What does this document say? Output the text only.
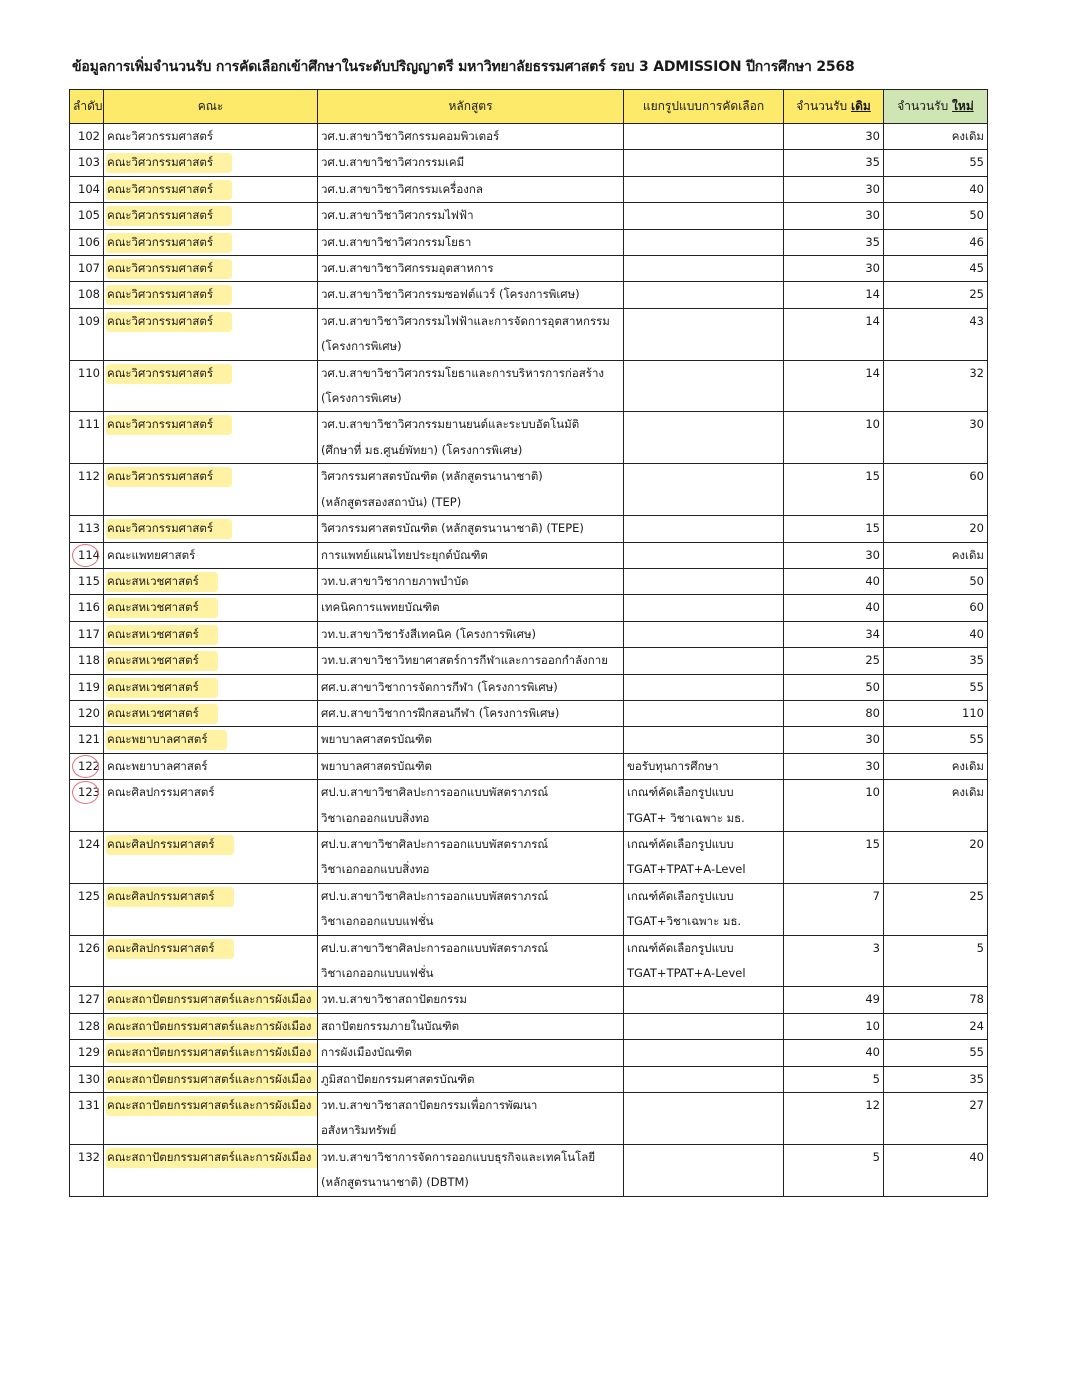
ข้อมูลการเพิ่มจำนวนรับ การคัดเลือกเข้าศึกษาในระดับปริญญาตรี มหาวิทยาลัยธรรมศาสตร์ รอบ 3 ADMISSION ปีการศึกษา 2568
ลำดับ	คณะ	หลักสูตร	แยกรูปแบบการคัดเลือก	จำนวนรับ เดิม	จำนวนรับ ใหม่
102	คณะวิศวกรรมศาสตร์	วศ.บ.สาขาวิชาวิศกรรมคอมพิวเตอร์		30	คงเดิม
103	คณะวิศวกรรมศาสตร์	วศ.บ.สาขาวิชาวิศวกรรมเคมี		35	55
104	คณะวิศวกรรมศาสตร์	วศ.บ.สาขาวิชาวิศกรรมเครื่องกล		30	40
105	คณะวิศวกรรมศาสตร์	วศ.บ.สาขาวิชาวิศวกรรมไฟฟ้า		30	50
106	คณะวิศวกรรมศาสตร์	วศ.บ.สาขาวิชาวิศวกรรมโยธา		35	46
107	คณะวิศวกรรมศาสตร์	วศ.บ.สาขาวิชาวิศกรรมอุตสาหการ		30	45
108	คณะวิศวกรรมศาสตร์	วศ.บ.สาขาวิชาวิศวกรรมซอฟต์แวร์ (โครงการพิเศษ)		14	25
109	คณะวิศวกรรมศาสตร์	วศ.บ.สาขาวิชาวิศวกรรมไฟฟ้าและการจัดการอุตสาหกรรม
(โครงการพิเศษ)		14	43
110	คณะวิศวกรรมศาสตร์	วศ.บ.สาขาวิชาวิศวกรรมโยธาและการบริหารการก่อสร้าง
(โครงการพิเศษ)		14	32
111	คณะวิศวกรรมศาสตร์	วศ.บ.สาขาวิชาวิศวกรรมยานยนต์และระบบอัตโนมัติ
(ศึกษาที่ มธ.ศูนย์พัทยา) (โครงการพิเศษ)		10	30
112	คณะวิศวกรรมศาสตร์	วิศวกรรมศาสตรบัณฑิต (หลักสูตรนานาชาติ)
(หลักสูตรสองสถาบัน) (TEP)		15	60
113	คณะวิศวกรรมศาสตร์	วิศวกรรมศาสตรบัณฑิต (หลักสูตรนานาชาติ) (TEPE)		15	20
114	คณะแพทยศาสตร์	การแพทย์แผนไทยประยุกต์บัณฑิต		30	คงเดิม
115	คณะสหเวชศาสตร์	วท.บ.สาขาวิชากายภาพบำบัด		40	50
116	คณะสหเวชศาสตร์	เทคนิคการแพทยบัณฑิต		40	60
117	คณะสหเวชศาสตร์	วท.บ.สาขาวิชารังสีเทคนิค (โครงการพิเศษ)		34	40
118	คณะสหเวชศาสตร์	วท.บ.สาขาวิชาวิทยาศาสตร์การกีฬาและการออกกำลังกาย		25	35
119	คณะสหเวชศาสตร์	ศศ.บ.สาขาวิชาการจัดการกีฬา (โครงการพิเศษ)		50	55
120	คณะสหเวชศาสตร์	ศศ.บ.สาขาวิชาการฝึกสอนกีฬา (โครงการพิเศษ)		80	110
121	คณะพยาบาลศาสตร์	พยาบาลศาสตรบัณฑิต		30	55
122	คณะพยาบาลศาสตร์	พยาบาลศาสตรบัณฑิต	ขอรับทุนการศึกษา	30	คงเดิม
123	คณะศิลปกรรมศาสตร์	ศป.บ.สาขาวิชาศิลปะการออกแบบพัสตราภรณ์
วิชาเอกออกแบบสิ่งทอ	เกณฑ์คัดเลือกรูปแบบ
TGAT+ วิชาเฉพาะ มธ.	10	คงเดิม
124	คณะศิลปกรรมศาสตร์	ศป.บ.สาขาวิชาศิลปะการออกแบบพัสตราภรณ์
วิชาเอกออกแบบสิ่งทอ	เกณฑ์คัดเลือกรูปแบบ
TGAT+TPAT+A-Level	15	20
125	คณะศิลปกรรมศาสตร์	ศป.บ.สาขาวิชาศิลปะการออกแบบพัสตราภรณ์
วิชาเอกออกแบบแฟชั่น	เกณฑ์คัดเลือกรูปแบบ
TGAT+วิชาเฉพาะ มธ.	7	25
126	คณะศิลปกรรมศาสตร์	ศป.บ.สาขาวิชาศิลปะการออกแบบพัสตราภรณ์
วิชาเอกออกแบบแฟชั่น	เกณฑ์คัดเลือกรูปแบบ
TGAT+TPAT+A-Level	3	5
127	คณะสถาปัตยกรรมศาสตร์และการผังเมือง	วท.บ.สาขาวิชาสถาปัตยกรรม		49	78
128	คณะสถาปัตยกรรมศาสตร์และการผังเมือง	สถาปัตยกรรมภายในบัณฑิต		10	24
129	คณะสถาปัตยกรรมศาสตร์และการผังเมือง	การผังเมืองบัณฑิต		40	55
130	คณะสถาปัตยกรรมศาสตร์และการผังเมือง	ภูมิสถาปัตยกรรมศาสตรบัณฑิต		5	35
131	คณะสถาปัตยกรรมศาสตร์และการผังเมือง	วท.บ.สาขาวิชาสถาปัตยกรรมเพื่อการพัฒนา
อสังหาริมทรัพย์		12	27
132	คณะสถาปัตยกรรมศาสตร์และการผังเมือง	วท.บ.สาขาวิชาการจัดการออกแบบธุรกิจและเทคโนโลยี
(หลักสูตรนานาชาติ) (DBTM)		5	40
